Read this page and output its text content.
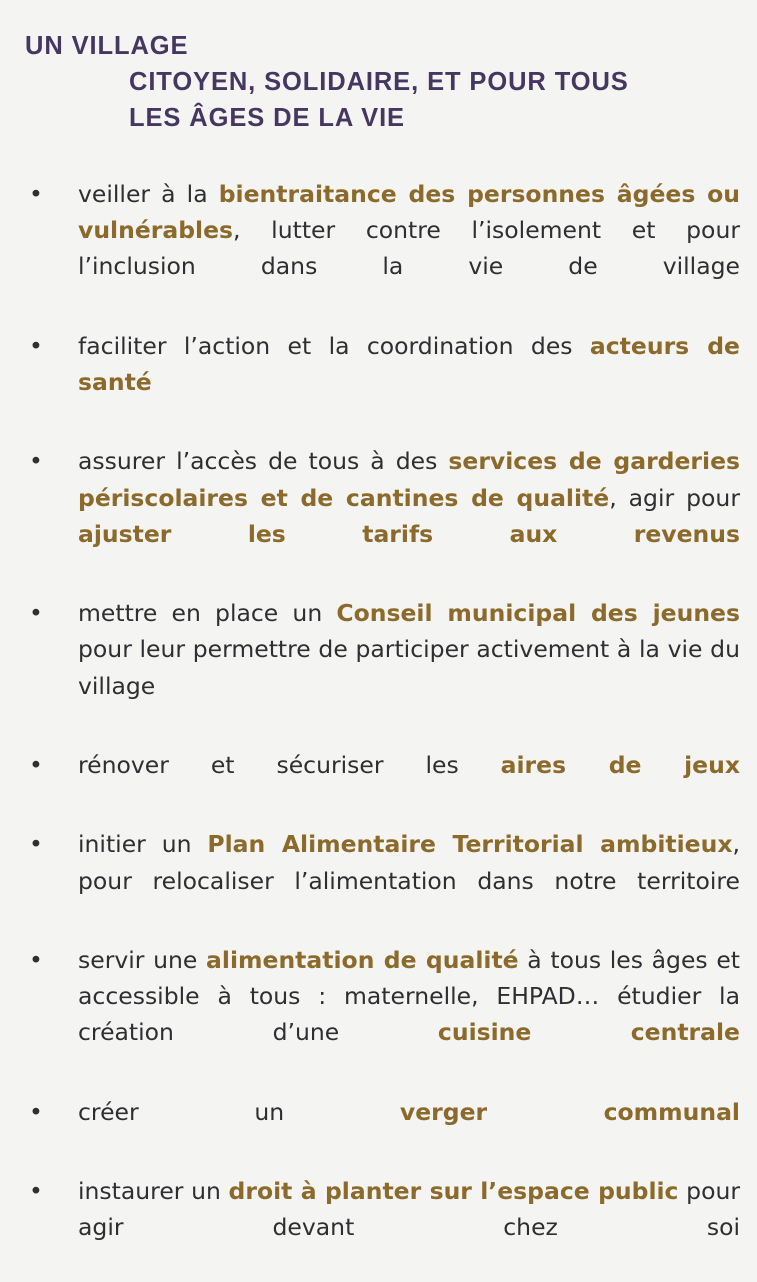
UN VILLAGE
CITOYEN, SOLIDAIRE, ET POUR TOUS
LES ÂGES DE LA VIE
• veiller à la bientraitance des personnes âgées ou vulnérables, lutter contre l’isolement et pour l’inclusion dans la vie de village
• faciliter l’action et la coordination des acteurs de santé
• assurer l’accès de tous à des services de garderies périscolaires et de cantines de qualité, agir pour ajuster les tarifs aux revenus
• mettre en place un Conseil municipal des jeunes pour leur permettre de participer activement à la vie du village
• rénover et sécuriser les aires de jeux
• initier un Plan Alimentaire Territorial ambitieux, pour relocaliser l’alimentation dans notre territoire
• servir une alimentation de qualité à tous les âges et accessible à tous : maternelle, EHPAD… étudier la création d’une cuisine centrale
• créer un verger communal
• instaurer un droit à planter sur l’espace public pour agir devant chez soi
